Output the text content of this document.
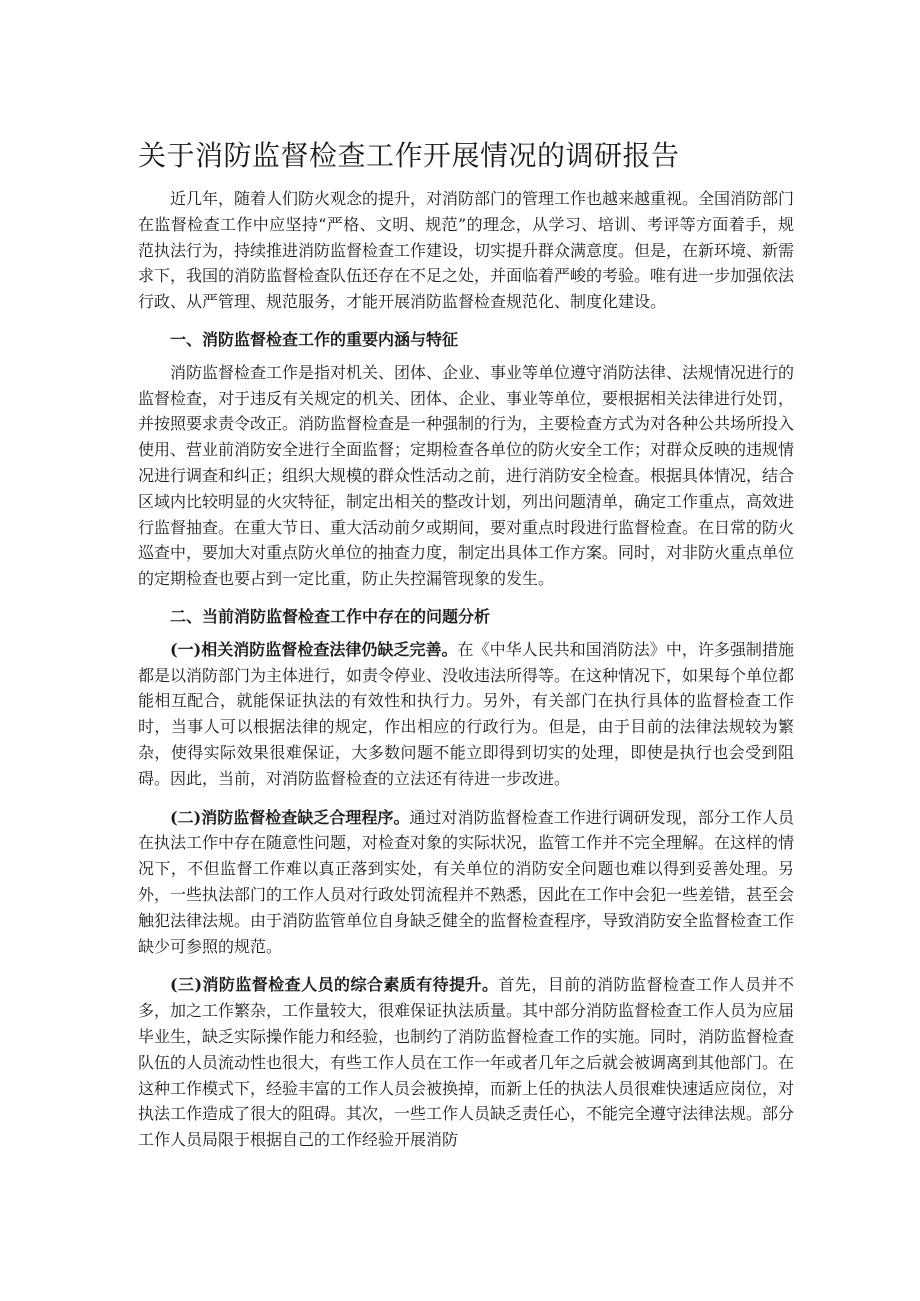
关于消防监督检查工作开展情况的调研报告

近几年，随着人们防火观念的提升，对消防部门的管理工作也越来越重视。全国消防部门在监督检查工作中应坚持“严格、文明、规范”的理念，从学习、培训、考评等方面着手，规范执法行为，持续推进消防监督检查工作建设，切实提升群众满意度。但是，在新环境、新需求下，我国的消防监督检查队伍还存在不足之处，并面临着严峻的考验。唯有进一步加强依法行政、从严管理、规范服务，才能开展消防监督检查规范化、制度化建设。

一、消防监督检查工作的重要内涵与特征

消防监督检查工作是指对机关、团体、企业、事业等单位遵守消防法律、法规情况进行的监督检查，对于违反有关规定的机关、团体、企业、事业等单位，要根据相关法律进行处罚，并按照要求责令改正。消防监督检查是一种强制的行为，主要检查方式为对各种公共场所投入使用、营业前消防安全进行全面监督；定期检查各单位的防火安全工作；对群众反映的违规情况进行调查和纠正；组织大规模的群众性活动之前，进行消防安全检查。根据具体情况，结合区域内比较明显的火灾特征，制定出相关的整改计划，列出问题清单，确定工作重点，高效进行监督抽查。在重大节日、重大活动前夕或期间，要对重点时段进行监督检查。在日常的防火巡查中，要加大对重点防火单位的抽查力度，制定出具体工作方案。同时，对非防火重点单位的定期检查也要占到一定比重，防止失控漏管现象的发生。

二、当前消防监督检查工作中存在的问题分析

(一)相关消防监督检查法律仍缺乏完善。在《中华人民共和国消防法》中，许多强制措施都是以消防部门为主体进行，如责令停业、没收违法所得等。在这种情况下，如果每个单位都能相互配合，就能保证执法的有效性和执行力。另外，有关部门在执行具体的监督检查工作时，当事人可以根据法律的规定，作出相应的行政行为。但是，由于目前的法律法规较为繁杂，使得实际效果很难保证，大多数问题不能立即得到切实的处理，即使是执行也会受到阻碍。因此，当前，对消防监督检查的立法还有待进一步改进。

(二)消防监督检查缺乏合理程序。通过对消防监督检查工作进行调研发现，部分工作人员在执法工作中存在随意性问题，对检查对象的实际状况，监管工作并不完全理解。在这样的情况下，不但监督工作难以真正落到实处，有关单位的消防安全问题也难以得到妥善处理。另外，一些执法部门的工作人员对行政处罚流程并不熟悉，因此在工作中会犯一些差错，甚至会触犯法律法规。由于消防监管单位自身缺乏健全的监督检查程序，导致消防安全监督检查工作缺少可参照的规范。

(三)消防监督检查人员的综合素质有待提升。首先，目前的消防监督检查工作人员并不多，加之工作繁杂，工作量较大，很难保证执法质量。其中部分消防监督检查工作人员为应届毕业生，缺乏实际操作能力和经验，也制约了消防监督检查工作的实施。同时，消防监督检查队伍的人员流动性也很大，有些工作人员在工作一年或者几年之后就会被调离到其他部门。在这种工作模式下，经验丰富的工作人员会被换掉，而新上任的执法人员很难快速适应岗位，对执法工作造成了很大的阻碍。其次，一些工作人员缺乏责任心，不能完全遵守法律法规。部分工作人员局限于根据自己的工作经验开展消防
